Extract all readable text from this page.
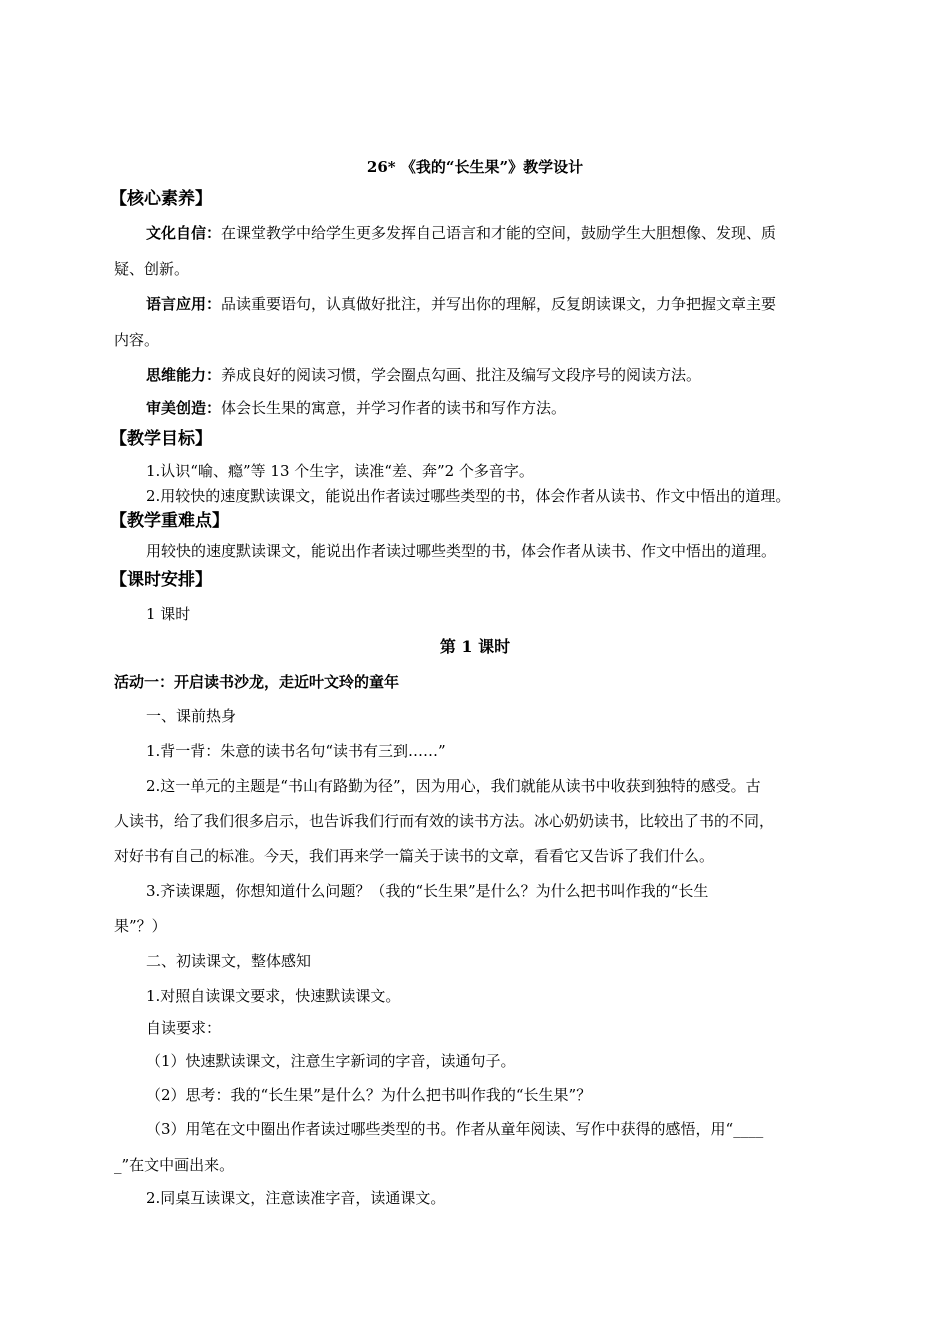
26* 《我的“长生果”》教学设计
【核心素养】
文化自信：在课堂教学中给学生更多发挥自己语言和才能的空间，鼓励学生大胆想像、发现、质
疑、创新。
语言应用：品读重要语句，认真做好批注，并写出你的理解，反复朗读课文，力争把握文章主要
内容。
思维能力：养成良好的阅读习惯，学会圈点勾画、批注及编写文段序号的阅读方法。
审美创造：体会长生果的寓意，并学习作者的读书和写作方法。
【教学目标】
1.认识“喻、瘾”等 13 个生字，读准“差、奔”2 个多音字。
2.用较快的速度默读课文，能说出作者读过哪些类型的书，体会作者从读书、作文中悟出的道理。
【教学重难点】
用较快的速度默读课文，能说出作者读过哪些类型的书，体会作者从读书、作文中悟出的道理。
【课时安排】
1 课时
第 1 课时
活动一：开启读书沙龙，走近叶文玲的童年
一、课前热身
1.背一背：朱意的读书名句“读书有三到……”
2.这一单元的主题是“书山有路勤为径”，因为用心，我们就能从读书中收获到独特的感受。古
人读书，给了我们很多启示，也告诉我们行而有效的读书方法。冰心奶奶读书，比较出了书的不同，
对好书有自己的标准。今天，我们再来学一篇关于读书的文章，看看它又告诉了我们什么。
3.齐读课题，你想知道什么问题？（我的“长生果”是什么？为什么把书叫作我的“长生
果”？）
二、初读课文，整体感知
1.对照自读课文要求，快速默读课文。
自读要求：
（1）快速默读课文，注意生字新词的字音，读通句子。
（2）思考：我的“长生果”是什么？为什么把书叫作我的“长生果”？
（3）用笔在文中圈出作者读过哪些类型的书。作者从童年阅读、写作中获得的感悟，用“____
_”在文中画出来。
2.同桌互读课文，注意读准字音，读通课文。
